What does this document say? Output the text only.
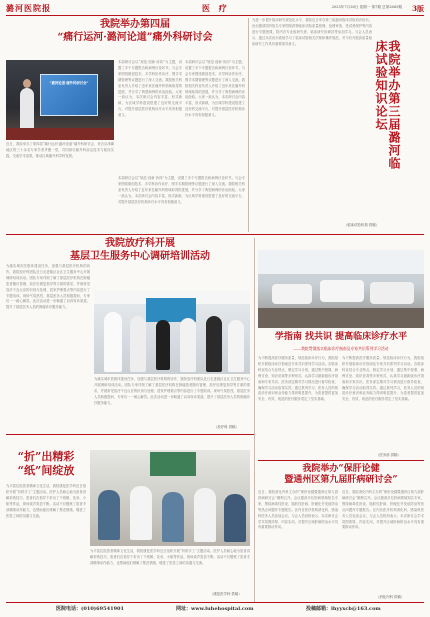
潞河医院报	医 疗	2025年7月28日 星期一 第7期 总第2665期 3版
我院举办第四届
“痛行运河·潞河论道”痛外科研讨会
“潞河论道·痛外科研讨会”
近日，我院举办了第四届“痛行运河·潞河论道”痛外科研讨会，来自京津冀地区的三十余名专家学者齐聚一堂，共同探讨痛外科前沿技术与临床实践，交流学术成果，推动区域痛外科学科发展。
本届研讨会以“规范·创新·协同”为主题，设置了多个专题报告和病例讨论环节。与会专家围绕微创技术、多学科协作诊疗、围手术期管理等议题进行了深入交流。我院相关科室负责人介绍了近年来在痛外科领域取得的进展，并分享了典型病例的诊治经验。大家一致认为，本次研讨会内容丰富、形式新颖，为区域学科建设搭建了良好的交流平台，对提升基层医疗机构诊疗水平具有积极意义。
本届研讨会以“规范·创新·协同”为主题，设置了多个专题报告和病例讨论环节。与会专家围绕微创技术、多学科协作诊疗、围手术期管理等议题进行了深入交流。我院相关科室负责人介绍了近年来在痛外科领域取得的进展，并分享了典型病例的诊治经验。大家一致认为，本次研讨会内容丰富、形式新颖，为区域学科建设搭建了良好的交流平台，对提升基层医疗机构诊疗水平具有积极意义。
本届研讨会以“规范·创新·协同”为主题，设置了多个专题报告和病例讨论环节。与会专家围绕微创技术、多学科协作诊疗、围手术期管理等议题进行了深入交流。我院相关科室负责人介绍了近年来在痛外科领域取得的进展，并分享了典型病例的诊治经验。大家一致认为，本次研讨会内容丰富、形式新颖，为区域学科建设搭建了良好的交流平台，对提升基层医疗机构诊疗水平具有积极意义。
为进一步提升临床研究规范化水平，我院近日举办第三届潞河临床试验知识论坛。论坛邀请国内知名专家围绕药物临床试验质量管理、伦理审查、受试者保护等内容进行专题授课，院内各专业组研究者、临床研究协调员等参加学习。与会人员表示，通过本次论坛系统学习了临床试验相关法规和操作规范，对今后开展高质量临床研究工作具有重要指导意义。	我院举办第三届潞河临床试验知识论坛
（临床试验机构 供稿）
我院放疗科开展
基层卫生服务中心调研培训活动
为落实城市医联体建设任务，加强与基层医疗机构的协作，我院放疗科团队近日走进辖区社区卫生服务中心开展调研培训活动。团队专家详细了解了基层医疗机构在肿瘤患者随访管理、放疗后康复指导等方面的需求，并就常见放疗不良反应的识别与处理、居家护理要点等内容进行了专题培训。现场气氛热烈，基层医务人员积极提问，专家们一一耐心解答。此次活动进一步畅通了双向转诊渠道，提升了基层医务人员的肿瘤诊疗服务能力。
为落实城市医联体建设任务，加强与基层医疗机构的协作，我院放疗科团队近日走进辖区社区卫生服务中心开展调研培训活动。团队专家详细了解了基层医疗机构在肿瘤患者随访管理、放疗后康复指导等方面的需求，并就常见放疗不良反应的识别与处理、居家护理要点等内容进行了专题培训。现场气氛热烈，基层医务人员积极提问，专家们一一耐心解答。此次活动进一步畅通了双向转诊渠道，提升了基层医务人员的肿瘤诊疗服务能力。
（放疗科 供稿）
学指南 找共识 提高临床诊疗水平
——我院贯彻落实临床诊疗指南及专家共识系列学习活动
为不断提高医疗服务质量，规范临床诊疗行为，我院组织开展临床诊疗指南及专家共识系列学习活动。各临床科室结合专业特点，制定学习计划，通过集中授课、病例讨论、知识竞赛等多种形式，认真学习最新版诊疗指南和专家共识。医务部定期对学习情况进行督导检查，确保学习活动取得实效。通过系列学习，医务人员的规范诊疗意识和业务能力得到明显提升，为患者提供更加安全、有效、规范的医疗服务奠定了坚实基础。
为不断提高医疗服务质量，规范临床诊疗行为，我院组织开展临床诊疗指南及专家共识系列学习活动。各临床科室结合专业特点，制定学习计划，通过集中授课、病例讨论、知识竞赛等多种形式，认真学习最新版诊疗指南和专家共识。医务部定期对学习情况进行督导检查，确保学习活动取得实效。通过系列学习，医务人员的规范诊疗意识和业务能力得到明显提升，为患者提供更加安全、有效、规范的医疗服务奠定了坚实基础。
（医务部 供稿）
“折”出精彩
“纸”间绽放
为丰富住院患者精神文化生活，我院康复医学科近日组织开展“折纸手工”主题活动。医护人员耐心地为患者讲解折纸技巧，患者们在指导下折出了千纸鹤、花朵、小船等作品，现场欢声笑语不断。活动不仅锻炼了患者手部精细动作能力，也帮助他们缓解了焦虑情绪，增进了医患之间的沟通与交流。
为丰富住院患者精神文化生活，我院康复医学科近日组织开展“折纸手工”主题活动。医护人员耐心地为患者讲解折纸技巧，患者们在指导下折出了千纸鹤、花朵、小船等作品，现场欢声笑语不断。活动不仅锻炼了患者手部精细动作能力，也帮助他们缓解了焦虑情绪，增进了医患之间的沟通与交流。
（康复医学科 供稿）
我院举办“保肝论健
暨通州区第九届肝病研讨会”
近日，我院消化内科主办的“保肝论健暨通州区第九届肝病研讨会”顺利召开。会议邀请多位肝病领域知名专家，围绕病毒性肝炎、脂肪性肝病、肝硬化并发症防治等热点问题作专题报告。区内各医疗机构消化科、感染科医务人员参加会议。与会人员纷纷表示，本次研讨会学术氛围浓厚，内容实用，对提升区域肝病防治水平具有重要推动作用。
近日，我院消化内科主办的“保肝论健暨通州区第九届肝病研讨会”顺利召开。会议邀请多位肝病领域知名专家，围绕病毒性肝炎、脂肪性肝病、肝硬化并发症防治等热点问题作专题报告。区内各医疗机构消化科、感染科医务人员参加会议。与会人员纷纷表示，本次研讨会学术氛围浓厚，内容实用，对提升区域肝病防治水平具有重要推动作用。
（消化内科 供稿）
医院电话：(010)69541901	网址：www.luhehospital.com	投稿邮箱：lhyyxcb@163.com
